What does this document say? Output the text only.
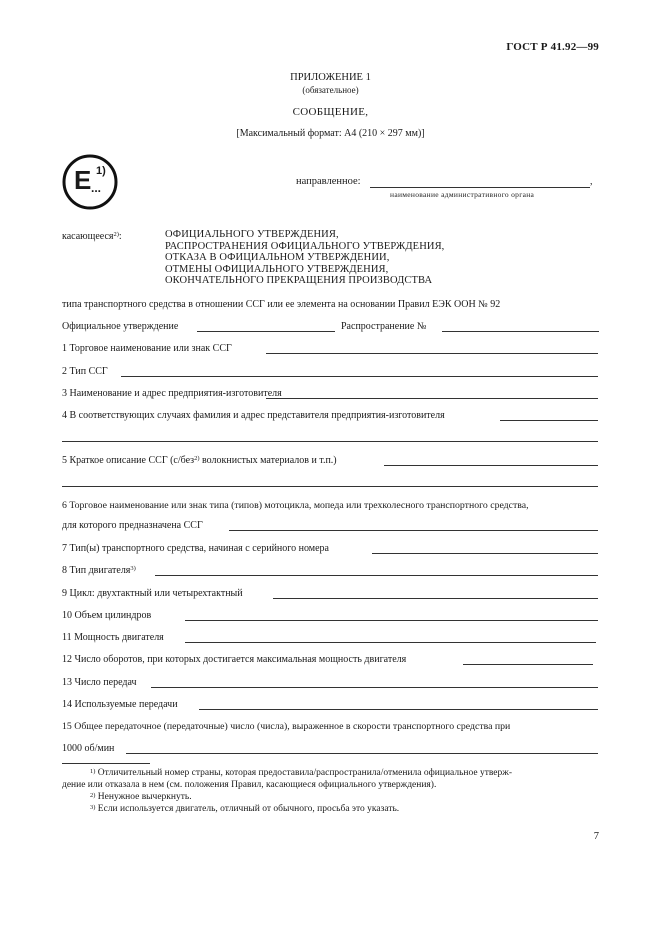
ГОСТ Р 41.92—99
ПРИЛОЖЕНИЕ 1
(обязательное)
СООБЩЕНИЕ,
[Максимальный формат: А4 (210 × 297 мм)]
E ...
1)
направленное:	,
наименование административного органа
касающееся$^{2)}$:	ОФИЦИАЛЬНОГО УТВЕРЖДЕНИЯ,
РАСПРОСТРАНЕНИЯ ОФИЦИАЛЬНОГО УТВЕРЖДЕНИЯ,
ОТКАЗА В ОФИЦИАЛЬНОМ УТВЕРЖДЕНИИ,
ОТМЕНЫ ОФИЦИАЛЬНОГО УТВЕРЖДЕНИЯ,
ОКОНЧАТЕЛЬНОГО ПРЕКРАЩЕНИЯ ПРОИЗВОДСТВА
типа транспортного средства в отношении ССГ или ее элемента на основании Правил ЕЭК ООН № 92
Официальное утверждение	Распространение №
1 Торговое наименование или знак ССГ
2 Тип ССГ
3 Наименование и адрес предприятия-изготовителя
4 В соответствующих случаях фамилия и адрес представителя предприятия-изготовителя
5 Краткое описание ССГ (с/без$^{2)}$ волокнистых материалов и т.п.)
6 Торговое наименование или знак типа (типов) мотоцикла, мопеда или трехколесного транспортного средства,
для которого предназначена ССГ
7 Тип(ы) транспортного средства, начиная с серийного номера
8 Тип двигателя$^{3)}$
9 Цикл: двухтактный или четырехтактный
10 Объем цилиндров
11 Мощность двигателя
12 Число оборотов, при которых достигается максимальная мощность двигателя
13 Число передач
14 Используемые передачи
15 Общее передаточное (передаточные) число (числа), выраженное в скорости транспортного средства при
1000 об/мин
$^{1)}$ Отличительный номер страны, которая предоставила/распространила/отменила официальное утверж-
дение или отказала в нем (см. положения Правил, касающиеся официального утверждения).
$^{2)}$ Ненужное вычеркнуть.
$^{3)}$ Если используется двигатель, отличный от обычного, просьба это указать.
7
